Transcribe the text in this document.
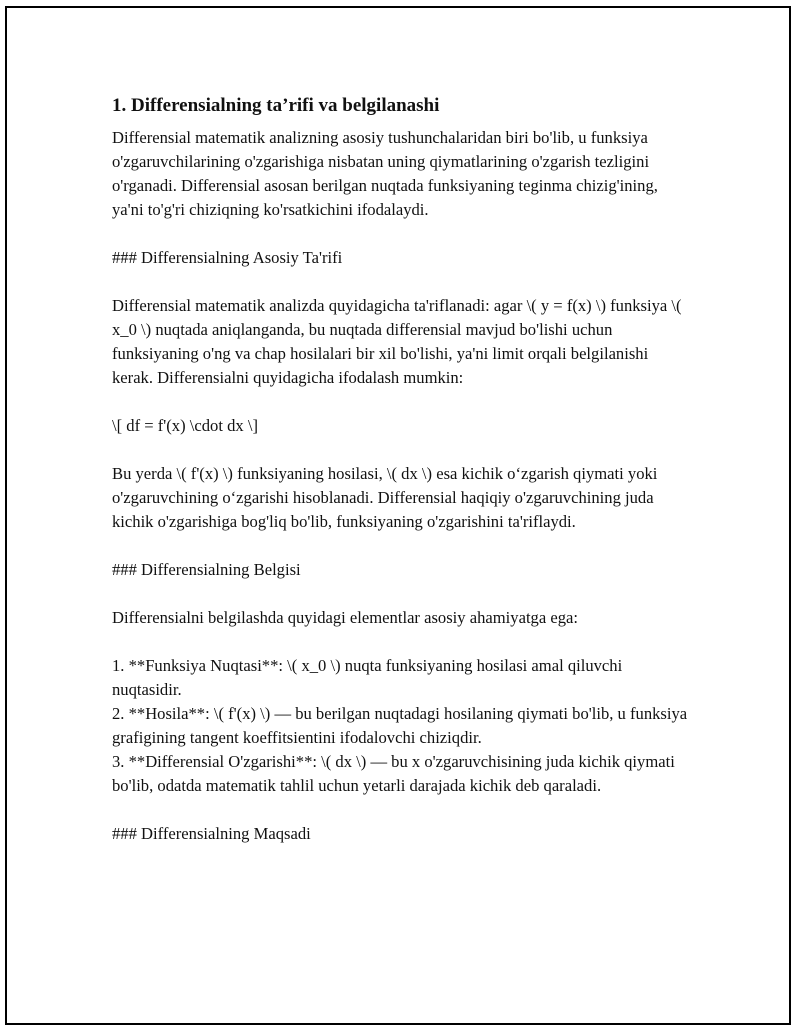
1. Differensialning ta’rifi va belgilanashi
Differensial matematik analizning asosiy tushunchalaridan biri bo'lib, u funksiya o'zgaruvchilarining o'zgarishiga nisbatan uning qiymatlarining o'zgarish tezligini o'rganadi. Differensial asosan berilgan nuqtada funksiyaning teginma chizig'ining, ya'ni to'g'ri chiziqning ko'rsatkichini ifodalaydi.
### Differensialning Asosiy Ta'rifi
Differensial matematik analizda quyidagicha ta'riflanadi: agar \( y = f(x) \) funksiya \( x_0 \) nuqtada aniqlanganda, bu nuqtada differensial mavjud bo'lishi uchun funksiyaning o'ng va chap hosilalari bir xil bo'lishi, ya'ni limit orqali belgilanishi kerak. Differensialni quyidagicha ifodalash mumkin:
\[ df = f'(x) \cdot dx \]
Bu yerda \( f'(x) \) funksiyaning hosilasi, \( dx \) esa kichik o‘zgarish qiymati yoki o'zgaruvchining o‘zgarishi hisoblanadi. Differensial haqiqiy o'zgaruvchining juda kichik o'zgarishiga bog'liq bo'lib, funksiyaning o'zgarishini ta'riflaydi.
### Differensialning Belgisi
Differensialni belgilashda quyidagi elementlar asosiy ahamiyatga ega:
1. **Funksiya Nuqtasi**: \( x_0 \) nuqta funksiyaning hosilasi amal qiluvchi nuqtasidir.
2. **Hosila**: \( f'(x) \) — bu berilgan nuqtadagi hosilaning qiymati bo'lib, u funksiya grafigining tangent koeffitsientini ifodalovchi chiziqdir.
3. **Differensial O'zgarishi**: \( dx \) — bu x o'zgaruvchisining juda kichik qiymati bo'lib, odatda matematik tahlil uchun yetarli darajada kichik deb qaraladi.
### Differensialning Maqsadi
